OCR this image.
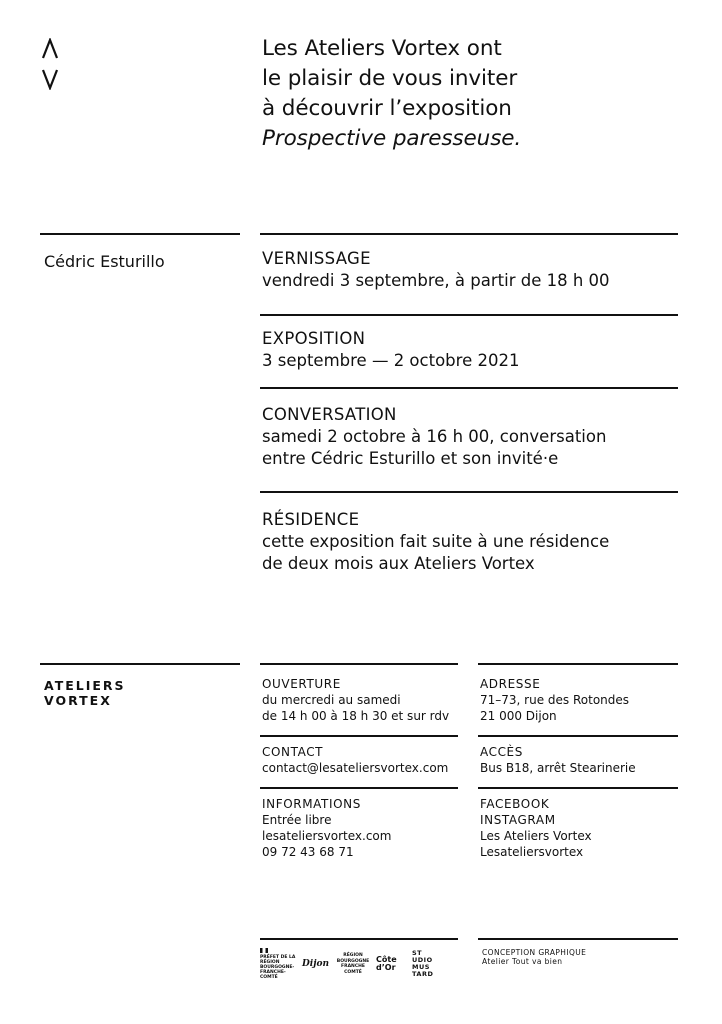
Les Ateliers Vortex ont
le plaisir de vous inviter
à découvrir l’exposition
Prospective paresseuse.
Cédric Esturillo	VERNISSAGE
vendredi 3 septembre, à partir de 18 h 00
EXPOSITION
3 septembre — 2 octobre 2021
CONVERSATION
samedi 2 octobre à 16 h 00, conversation
entre Cédric Esturillo et son invité·e
RÉSIDENCE
cette exposition fait suite à une résidence
de deux mois aux Ateliers Vortex
ATELIERS
VORTEX
OUVERTURE
du mercredi au samedi
de 14 h 00 à 18 h 30 et sur rdv
CONTACT
contact@lesateliersvortex.com
INFORMATIONS
Entrée libre
lesateliersvortex.com
09 72 43 68 71
ADRESSE
71–73, rue des Rotondes
21 000 Dijon
ACCÈS
Bus B18, arrêt Stearinerie
FACEBOOK
INSTAGRAM
Les Ateliers Vortex
Lesateliersvortex
PRÉFET DE LA RÉGION BOURGOGNE- FRANCHE-COMTÉ
Dijon
RÉGION BOURGOGNE FRANCHE COMTÉ
Côte d’Or
ST UDIO MUS TARD
CONCEPTION GRAPHIQUE
Atelier Tout va bien
